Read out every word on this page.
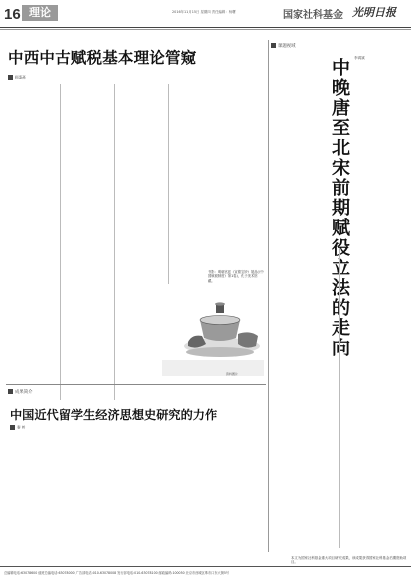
16 理论	2016年11月15日 星期四 责任编辑：杨曙	国家社科基金 光明日报
中西中古赋税基本理论管窥
顾銮斋
书影：明朝宫廷《宣德宝钞》展品(《中国赋税制度》第1卷)，孔子美术馆藏。
资料图片
课题视域
李鸿斌
中
晚
唐
至
北
宋
前
期
赋
役
立
法
的
走
向
本文为国家社科基金重大项目研究成果、该成果获得国家社科基金后期资助项目。
成果简介
中国近代留学生经济思想史研究的力作
秦 岭
总编辑电话:63078600 值班总编电话:63078000 广告部电话:010-63078008 发行部电话:010-63078100 邮政编码:100050 北京市西城区珠市口东大街5号
